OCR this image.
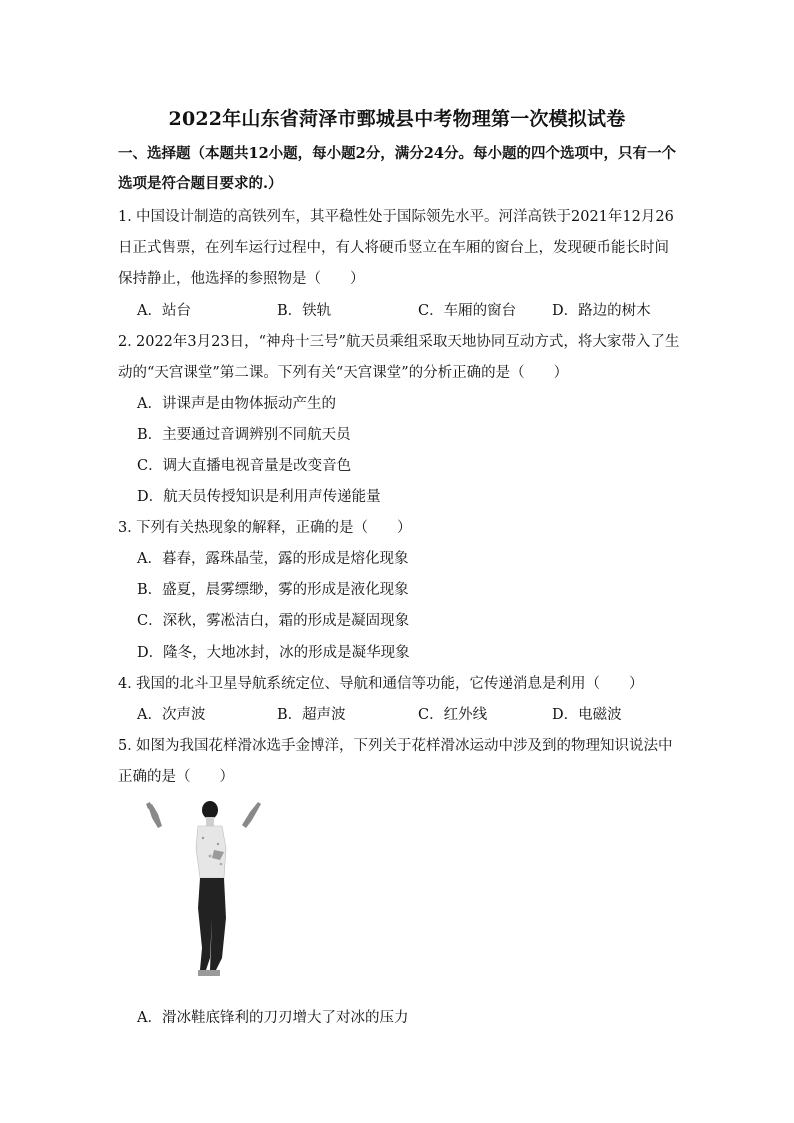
2022年山东省菏泽市鄄城县中考物理第一次模拟试卷
一、选择题（本题共12小题，每小题2分，满分24分。每小题的四个选项中，只有一个选项是符合题目要求的.）
1．中国设计制造的高铁列车，其平稳性处于国际领先水平。河洋高铁于2021年12月26日正式售票，在列车运行过程中，有人将硬币竖立在车厢的窗台上，发现硬币能长时间保持静止，他选择的参照物是（　　）
A．站台	B．铁轨	C．车厢的窗台	D．路边的树木
2．2022年3月23日，“神舟十三号”航天员乘组采取天地协同互动方式，将大家带入了生动的“天宫课堂”第二课。下列有关“天宫课堂”的分析正确的是（　　）
A．讲课声是由物体振动产生的
B．主要通过音调辨别不同航天员
C．调大直播电视音量是改变音色
D．航天员传授知识是利用声传递能量
3．下列有关热现象的解释，正确的是（　　）
A．暮春，露珠晶莹，露的形成是熔化现象
B．盛夏，晨雾缥缈，雾的形成是液化现象
C．深秋，雾凇洁白，霜的形成是凝固现象
D．隆冬，大地冰封，冰的形成是凝华现象
4．我国的北斗卫星导航系统定位、导航和通信等功能，它传递消息是利用（　　）
A．次声波	B．超声波	C．红外线	D．电磁波
5．如图为我国花样滑冰选手金博洋，下列关于花样滑冰运动中涉及到的物理知识说法中正确的是（　　）
A．滑冰鞋底锋利的刀刃增大了对冰的压力
